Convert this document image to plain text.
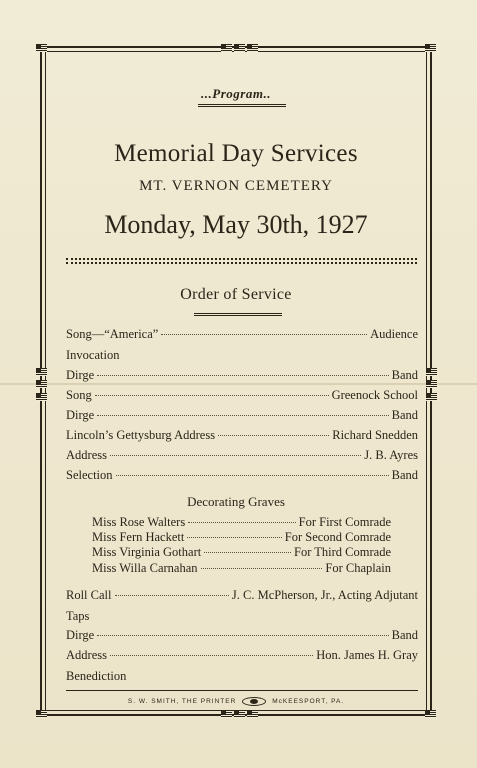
...Program..
Memorial Day Services
MT. VERNON CEMETERY
Monday, May 30th, 1927
Order of Service
Song—“America”	Audience
Invocation
Dirge	Band
Song	Greenock School
Dirge	Band
Lincoln’s Gettysburg Address	Richard Snedden
Address	J. B. Ayres
Selection	Band
Decorating Graves
Miss Rose Walters	For First Comrade
Miss Fern Hackett	For Second Comrade
Miss Virginia Gothart	For Third Comrade
Miss Willa Carnahan	For Chaplain
Roll Call	J. C. McPherson, Jr., Acting Adjutant
Taps
Dirge	Band
Address	Hon. James H. Gray
Benediction
S. W. SMITH, THE PRINTER	McKEESPORT, PA.
